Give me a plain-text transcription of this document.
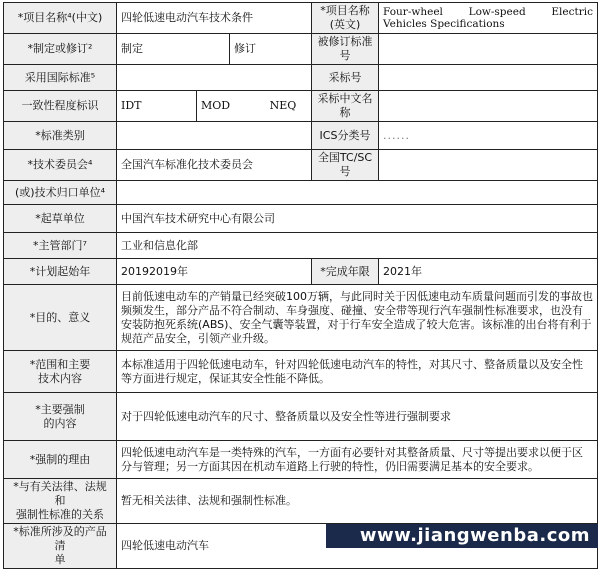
*项目名称⁴(中文)	四轮低速电动汽车技术条件			*项目名称(英文)	Four-wheel Low-speed Electric
Vehicles Specifications

*制定或修订²	制定		修订	被修订标准号	
采用国际标准⁵				采标号	
一致性程度标识	IDT	MOD NEQ		采标中文名称	
*标准类别				ICS分类号	......
*技术委员会⁴	全国汽车标准化技术委员会			全国TC/SC号	
(或)技术归口单位⁴					
*起草单位	中国汽车技术研究中心有限公司				
*主管部门⁷	工业和信息化部				
*计划起始年	20192019年			*完成年限	2021年
*目的、意义	目前低速电动车的产销量已经突破100万辆，与此同时关于因低速电动车质量问题而引发的事故也频频发生，部分产品不符合制动、车身强度、碰撞、安全带等现行汽车强制性标准要求，也没有安装防抱死系统(ABS)、安全气囊等装置，对于行车安全造成了较大危害。该标准的出台将有利于规范产品安全，引领产业升级。				

*范围和主要
技术内容	本标准适用于四轮低速电动车，针对四轮低速电动汽车的特性，对其尺寸、整备质量以及安全性等方面进行规定，保证其安全性能不降低。				

*主要强制
的内容	对于四轮低速电动汽车的尺寸、整备质量以及安全性等进行强制要求				
*强制的理由	四轮低速电动汽车是一类特殊的汽车，一方面有必要针对其整备质量、尺寸等提出要求以便于区分与管理；另一方面其因在机动车道路上行驶的特性，仍旧需要满足基本的安全要求。				

*与有关法律、法规和
强制性标准的关系	暂无相关法律、法规和强制性标准。				

*标准所涉及的产品清
单	四轮低速电动汽车					www.jiangwenba.com
